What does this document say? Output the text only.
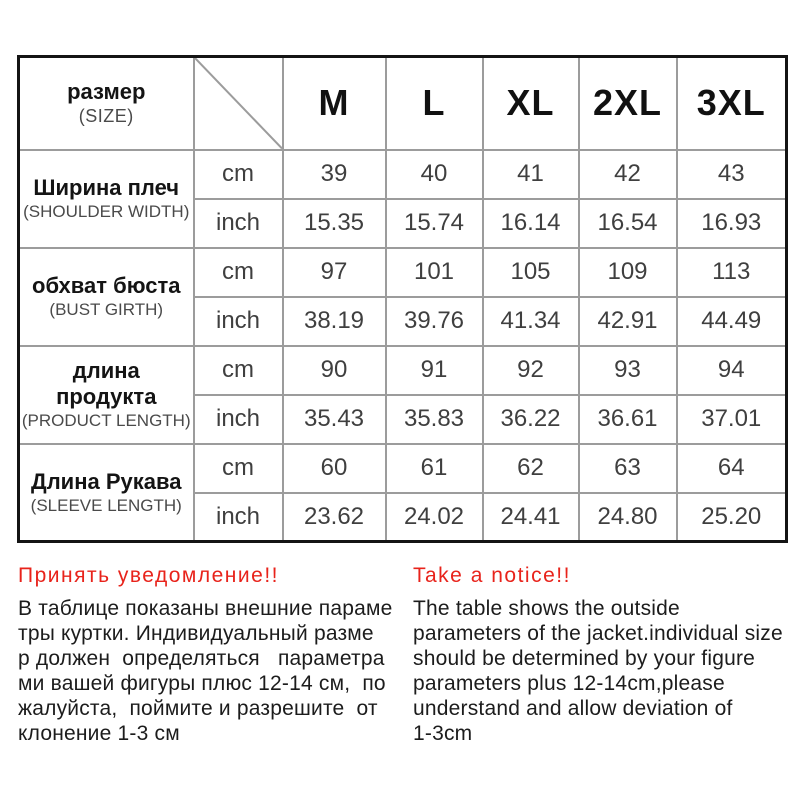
размер
(SIZE)		M	L	XL	2XL	3XL

Ширина плеч
(SHOULDER WIDTH)	cm	39	40	41	42	43
	inch	15.35	15.74	16.14	16.54	16.93

обхват бюста
(BUST GIRTH)	cm	97	101	105	109	113
	inch	38.19	39.76	41.34	42.91	44.49

длина продукта
(PRODUCT LENGTH)	cm	90	91	92	93	94
	inch	35.43	35.83	36.22	36.61	37.01

Длина Рукава
(SLEEVE LENGTH)	cm	60	61	62	63	64
	inch	23.62	24.02	24.41	24.80	25.20
Принять уведомление!!
В таблице показаны внешние параме
тры куртки. Индивидуальный разме
р должен  определяться   параметра
ми вашей фигуры плюс 12-14 см,  по
жалуйста,  поймите и разрешите  от
клонение 1-3 см
Take a notice!!
The table shows the outside
parameters of the jacket.individual size
should be determined by your figure
parameters plus 12-14cm,please
understand and allow deviation of
1-3cm
